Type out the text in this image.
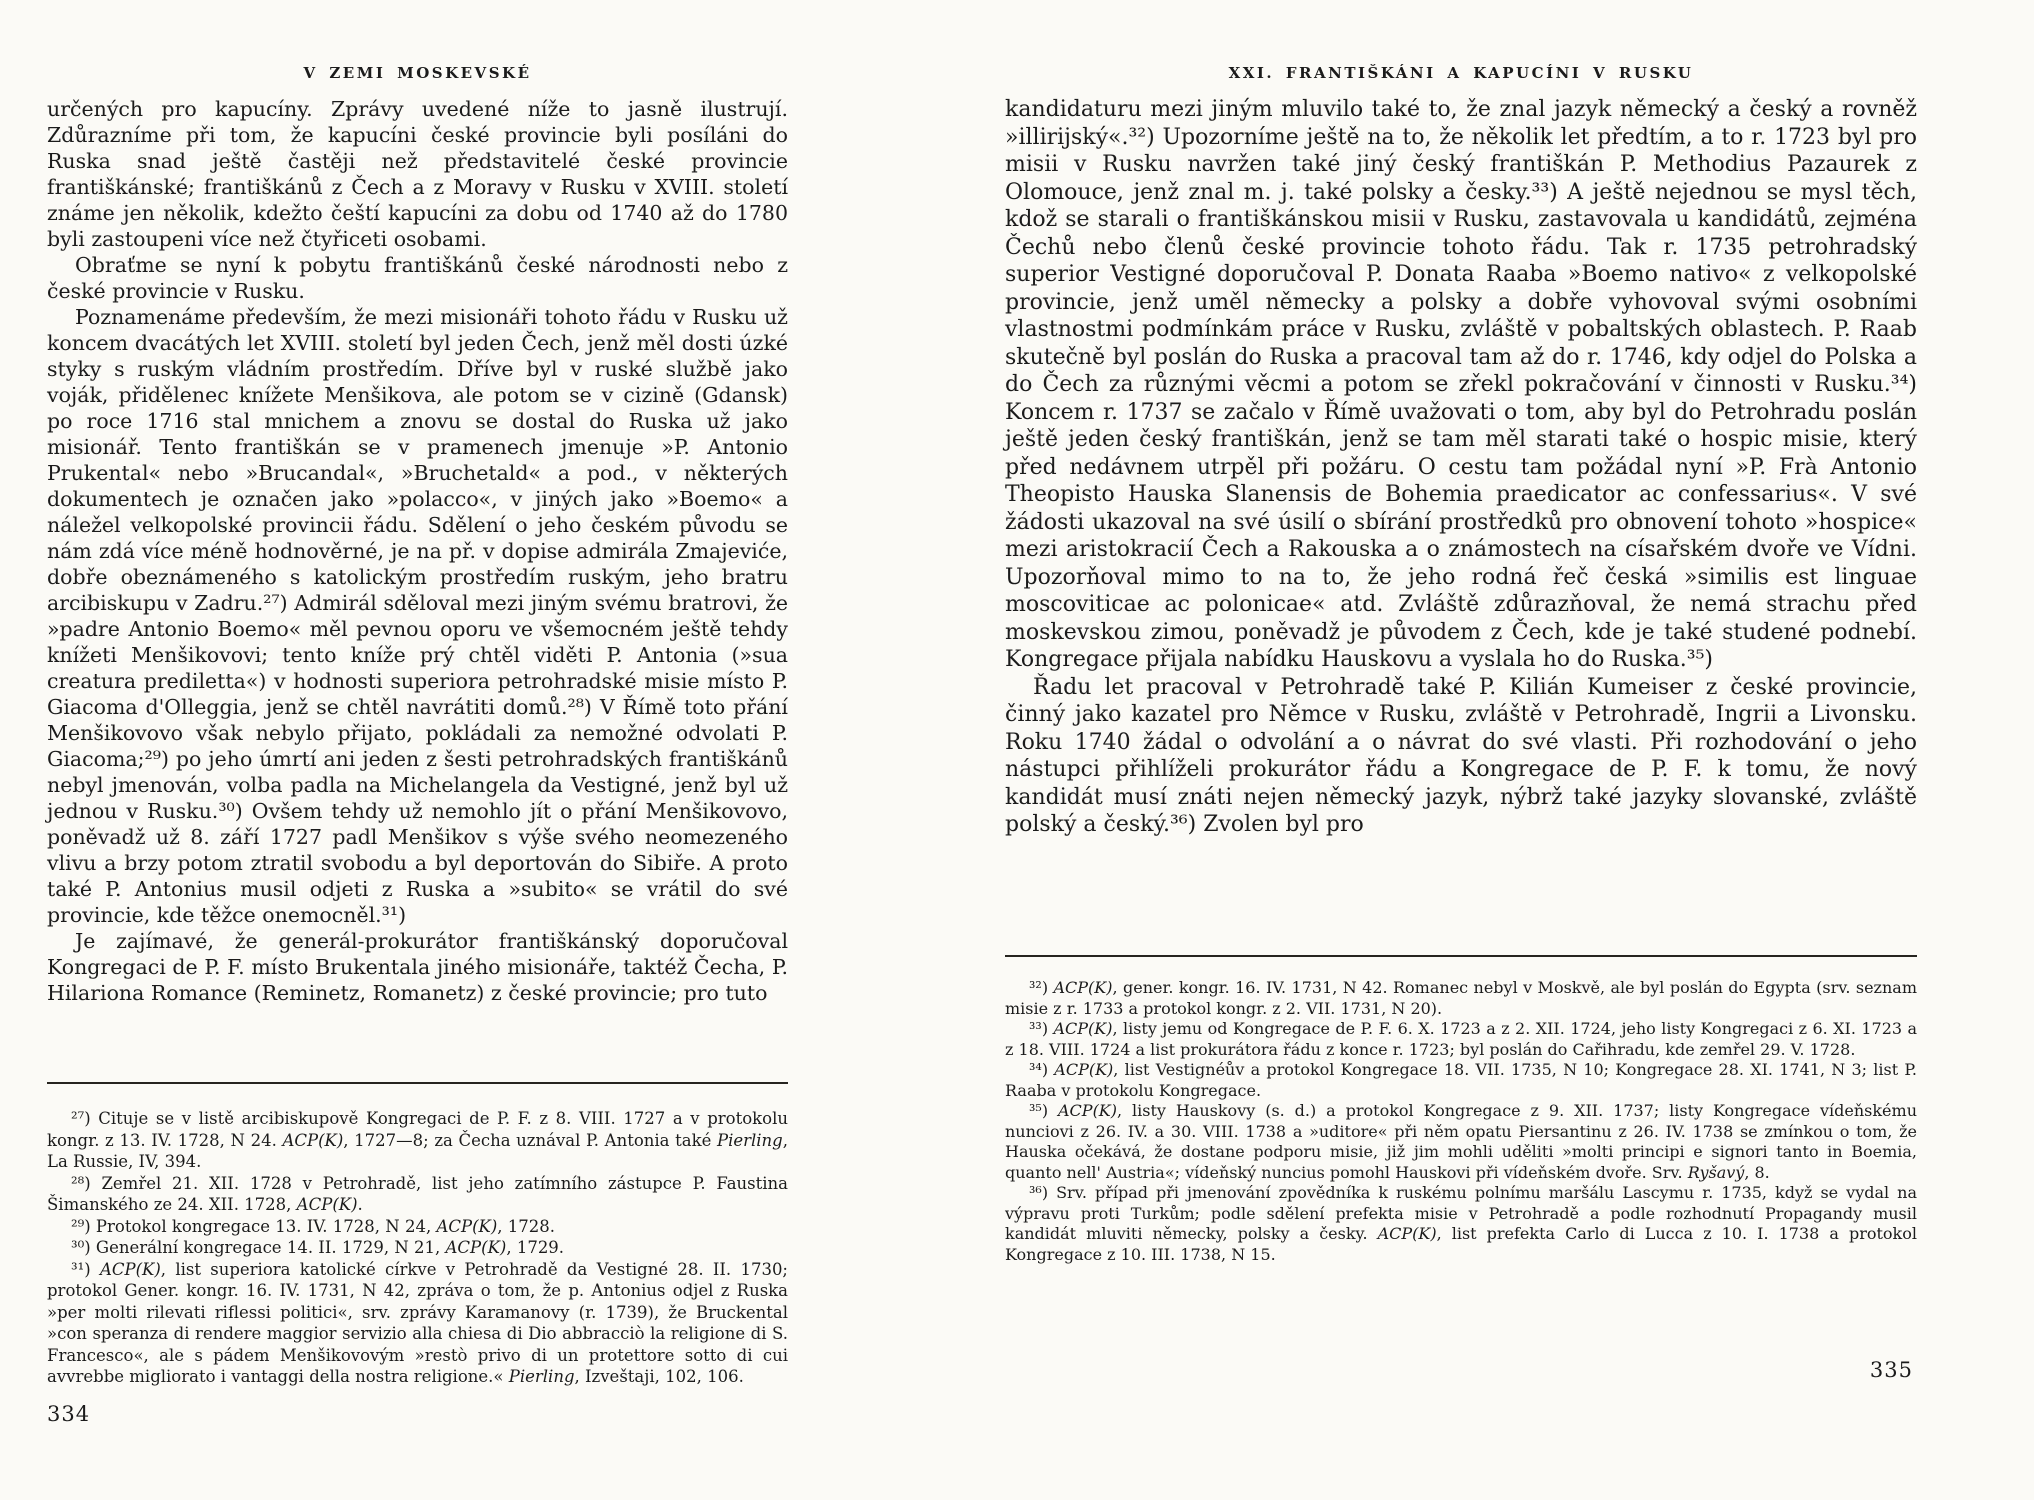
V ZEMI MOSKEVSKÉ

určených pro kapucíny. Zprávy uvedené níže to jasně ilustrují. Zdůrazníme při tom, že kapucíni české provincie byli posíláni do Ruska snad ještě častěji než představitelé české provincie františkánské; františkánů z Čech a z Moravy v Rusku v XVIII. století známe jen několik, kdežto čeští kapucíni za dobu od 1740 až do 1780 byli zastoupeni více než čtyřiceti osobami.

Obraťme se nyní k pobytu františkánů české národnosti nebo z české provincie v Rusku.

Poznamenáme především, že mezi misionáři tohoto řádu v Rusku už koncem dvacátých let XVIII. století byl jeden Čech, jenž měl dosti úzké styky s ruským vládním prostředím. Dříve byl v ruské službě jako voják, přidělenec knížete Menšikova, ale potom se v cizině (Gdansk) po roce 1716 stal mnichem a znovu se dostal do Ruska už jako misionář. Tento františkán se v pramenech jmenuje »P. Antonio Prukental« nebo »Brucandal«, »Bruchetald« a pod., v některých dokumentech je označen jako »polacco«, v jiných jako »Boemo« a náležel velkopolské provincii řádu. Sdělení o jeho českém původu se nám zdá více méně hodnověrné, je na př. v dopise admirála Zmajeviće, dobře obeznámeného s katolickým prostředím ruským, jeho bratru arcibiskupu v Zadru.²⁷) Admirál sděloval mezi jiným svému bratrovi, že »padre Antonio Boemo« měl pevnou oporu ve všemocném ještě tehdy knížeti Menšikovovi; tento kníže prý chtěl viděti P. Antonia (»sua creatura prediletta«) v hodnosti superiora petrohradské misie místo P. Giacoma d'Olleggia, jenž se chtěl navrátiti domů.²⁸) V Římě toto přání Menšikovovo však nebylo přijato, pokládali za nemožné odvolati P. Giacoma;²⁹) po jeho úmrtí ani jeden z šesti petrohradských františkánů nebyl jmenován, volba padla na Michelangela da Vestigné, jenž byl už jednou v Rusku.³⁰) Ovšem tehdy už nemohlo jít o přání Menšikovovo, poněvadž už 8. září 1727 padl Menšikov s výše svého neomezeného vlivu a brzy potom ztratil svobodu a byl deportován do Sibiře. A proto také P. Antonius musil odjeti z Ruska a »subito« se vrátil do své provincie, kde těžce onemocněl.³¹)

Je zajímavé, že generál-prokurátor františkánský doporučoval Kongregaci de P. F. místo Brukentala jiného misionáře, taktéž Čecha, P. Hilariona Romance (Reminetz, Romanetz) z české provincie; pro tuto

²⁷) Cituje se v listě arcibiskupově Kongregaci de P. F. z 8. VIII. 1727 a v protokolu kongr. z 13. IV. 1728, N 24. ACP(K), 1727—8; za Čecha uznával P. Antonia také Pierling, La Russie, IV, 394.

²⁸) Zemřel 21. XII. 1728 v Petrohradě, list jeho zatímního zástupce P. Faustina Šimanského ze 24. XII. 1728, ACP(K).

²⁹) Protokol kongregace 13. IV. 1728, N 24, ACP(K), 1728.

³⁰) Generální kongregace 14. II. 1729, N 21, ACP(K), 1729.

³¹) ACP(K), list superiora katolické církve v Petrohradě da Vestigné 28. II. 1730; protokol Gener. kongr. 16. IV. 1731, N 42, zpráva o tom, že p. Antonius odjel z Ruska »per molti rilevati riflessi politici«, srv. zprávy Karamanovy (r. 1739), že Bruckental »con speranza di rendere maggior servizio alla chiesa di Dio abbracciò la religione di S. Francesco«, ale s pádem Menšikovovým »restò privo di un protettore sotto di cui avvrebbe migliorato i vantaggi della nostra religione.« Pierling, Izveštaji, 102, 106.

334
XXI. FRANTIŠKÁNI A KAPUCÍNI V RUSKU

kandidaturu mezi jiným mluvilo také to, že znal jazyk německý a český a rovněž »illirijský«.³²) Upozorníme ještě na to, že několik let předtím, a to r. 1723 byl pro misii v Rusku navržen také jiný český františkán P. Methodius Pazaurek z Olomouce, jenž znal m. j. také polsky a česky.³³) A ještě nejednou se mysl těch, kdož se starali o františkánskou misii v Rusku, zastavovala u kandidátů, zejména Čechů nebo členů české provincie tohoto řádu. Tak r. 1735 petrohradský superior Vestigné doporučoval P. Donata Raaba »Boemo nativo« z velkopolské provincie, jenž uměl německy a polsky a dobře vyhovoval svými osobními vlastnostmi podmínkám práce v Rusku, zvláště v pobaltských oblastech. P. Raab skutečně byl poslán do Ruska a pracoval tam až do r. 1746, kdy odjel do Polska a do Čech za různými věcmi a potom se zřekl pokračování v činnosti v Rusku.³⁴) Koncem r. 1737 se začalo v Římě uvažovati o tom, aby byl do Petrohradu poslán ještě jeden český františkán, jenž se tam měl starati také o hospic misie, který před nedávnem utrpěl při požáru. O cestu tam požádal nyní »P. Frà Antonio Theopisto Hauska Slanensis de Bohemia praedicator ac confessarius«. V své žádosti ukazoval na své úsilí o sbírání prostředků pro obnovení tohoto »hospice« mezi aristokracií Čech a Rakouska a o známostech na císařském dvoře ve Vídni. Upozorňoval mimo to na to, že jeho rodná řeč česká »similis est linguae moscoviticae ac polonicae« atd. Zvláště zdůrazňoval, že nemá strachu před moskevskou zimou, poněvadž je původem z Čech, kde je také studené podnebí. Kongregace přijala nabídku Hauskovu a vyslala ho do Ruska.³⁵)

Řadu let pracoval v Petrohradě také P. Kilián Kumeiser z české provincie, činný jako kazatel pro Němce v Rusku, zvláště v Petrohradě, Ingrii a Livonsku. Roku 1740 žádal o odvolání a o návrat do své vlasti. Při rozhodování o jeho nástupci přihlíželi prokurátor řádu a Kongregace de P. F. k tomu, že nový kandidát musí znáti nejen německý jazyk, nýbrž také jazyky slovanské, zvláště polský a český.³⁶) Zvolen byl pro

³²) ACP(K), gener. kongr. 16. IV. 1731, N 42. Romanec nebyl v Moskvě, ale byl poslán do Egypta (srv. seznam misie z r. 1733 a protokol kongr. z 2. VII. 1731, N 20).

³³) ACP(K), listy jemu od Kongregace de P. F. 6. X. 1723 a z 2. XII. 1724, jeho listy Kongregaci z 6. XI. 1723 a z 18. VIII. 1724 a list prokurátora řádu z konce r. 1723; byl poslán do Cařihradu, kde zemřel 29. V. 1728.

³⁴) ACP(K), list Vestignéův a protokol Kongregace 18. VII. 1735, N 10; Kongregace 28. XI. 1741, N 3; list P. Raaba v protokolu Kongregace.

³⁵) ACP(K), listy Hauskovy (s. d.) a protokol Kongregace z 9. XII. 1737; listy Kongregace vídeňskému nunciovi z 26. IV. a 30. VIII. 1738 a »uditore« při něm opatu Piersantinu z 26. IV. 1738 se zmínkou o tom, že Hauska očekává, že dostane podporu misie, již jim mohli uděliti »molti principi e signori tanto in Boemia, quanto nell' Austria«; vídeňský nuncius pomohl Hauskovi při vídeňském dvoře. Srv. Ryšavý, 8.

³⁶) Srv. případ při jmenování zpovědníka k ruskému polnímu maršálu Lascymu r. 1735, když se vydal na výpravu proti Turkům; podle sdělení prefekta misie v Petrohradě a podle rozhodnutí Propagandy musil kandidát mluviti německy, polsky a česky. ACP(K), list prefekta Carlo di Lucca z 10. I. 1738 a protokol Kongregace z 10. III. 1738, N 15.

335
